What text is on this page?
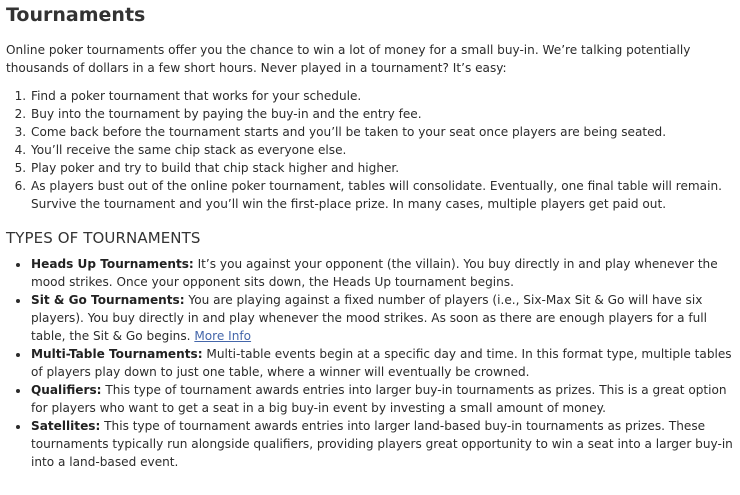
Tournaments

Online poker tournaments offer you the chance to win a lot of money for a small buy-in. We’re talking potentially thousands of dollars in a few short hours. Never played in a tournament? It’s easy:

1. Find a poker tournament that works for your schedule.
2. Buy into the tournament by paying the buy-in and the entry fee.
3. Come back before the tournament starts and you’ll be taken to your seat once players are being seated.
4. You’ll receive the same chip stack as everyone else.
5. Play poker and try to build that chip stack higher and higher.
6. As players bust out of the online poker tournament, tables will consolidate. Eventually, one final table will remain. Survive the tournament and you’ll win the first-place prize. In many cases, multiple players get paid out.
TYPES OF TOURNAMENTS
• Heads Up Tournaments: It’s you against your opponent (the villain). You buy directly in and play whenever the mood strikes. Once your opponent sits down, the Heads Up tournament begins.
• Sit & Go Tournaments: You are playing against a fixed number of players (i.e., Six-Max Sit & Go will have six players). You buy directly in and play whenever the mood strikes. As soon as there are enough players for a full table, the Sit & Go begins. More Info
• Multi-Table Tournaments: Multi-table events begin at a specific day and time. In this format type, multiple tables of players play down to just one table, where a winner will eventually be crowned.
• Qualifiers: This type of tournament awards entries into larger buy-in tournaments as prizes. This is a great option for players who want to get a seat in a big buy-in event by investing a small amount of money.
• Satellites: This type of tournament awards entries into larger land-based buy-in tournaments as prizes. These tournaments typically run alongside qualifiers, providing players great opportunity to win a seat into a larger buy-in into a land-based event.
